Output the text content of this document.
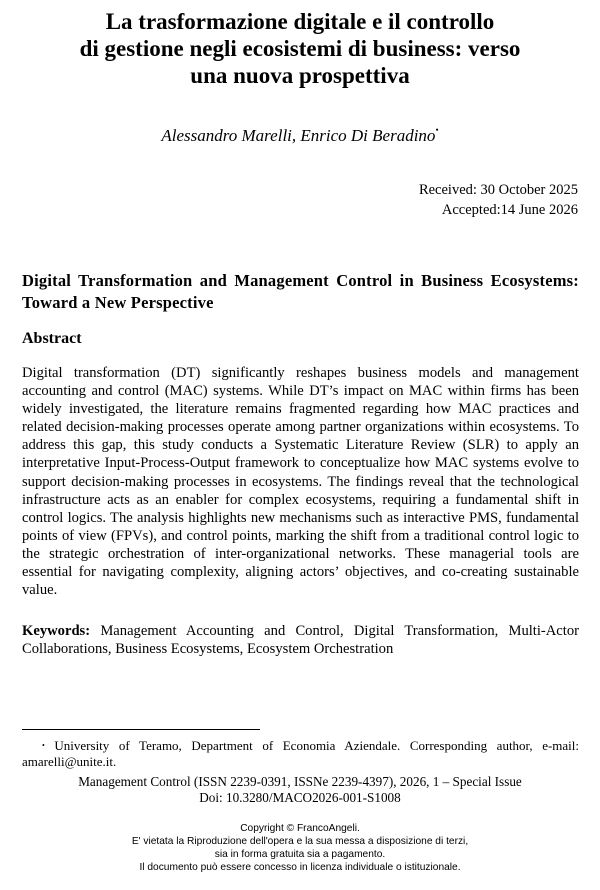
La trasformazione digitale e il controllo
di gestione negli ecosistemi di business: verso
una nuova prospettiva
Alessandro Marelli, Enrico Di Beradino•
Received: 30 October 2025
Accepted:14 June 2026
Digital Transformation and Management Control in Business Ecosystems: Toward a New Perspective
Abstract
Digital transformation (DT) significantly reshapes business models and management accounting and control (MAC) systems. While DT’s impact on MAC within firms has been widely investigated, the literature remains fragmented regarding how MAC practices and related decision-making processes operate among partner organizations within ecosystems. To address this gap, this study conducts a Systematic Literature Review (SLR) to apply an interpretative Input-Process-Output framework to conceptualize how MAC systems evolve to support decision-making processes in ecosystems. The findings reveal that the technological infrastructure acts as an enabler for complex ecosystems, requiring a fundamental shift in control logics. The analysis highlights new mechanisms such as interactive PMS, fundamental points of view (FPVs), and control points, marking the shift from a traditional control logic to the strategic orchestration of inter-organizational networks. These managerial tools are essential for navigating complexity, aligning actors’ objectives, and co-creating sustainable value.
Keywords: Management Accounting and Control, Digital Transformation, Multi-Actor Collaborations, Business Ecosystems, Ecosystem Orchestration
• University of Teramo, Department of Economia Aziendale. Corresponding author, e-mail: amarelli@unite.it.
Management Control (ISSN 2239-0391, ISSNe 2239-4397), 2026, 1 – Special Issue
Doi: 10.3280/MACO2026-001-S1008
Copyright © FrancoAngeli.
E' vietata la Riproduzione dell'opera e la sua messa a disposizione di terzi,
sia in forma gratuita sia a pagamento.
Il documento può essere concesso in licenza individuale o istituzionale.
